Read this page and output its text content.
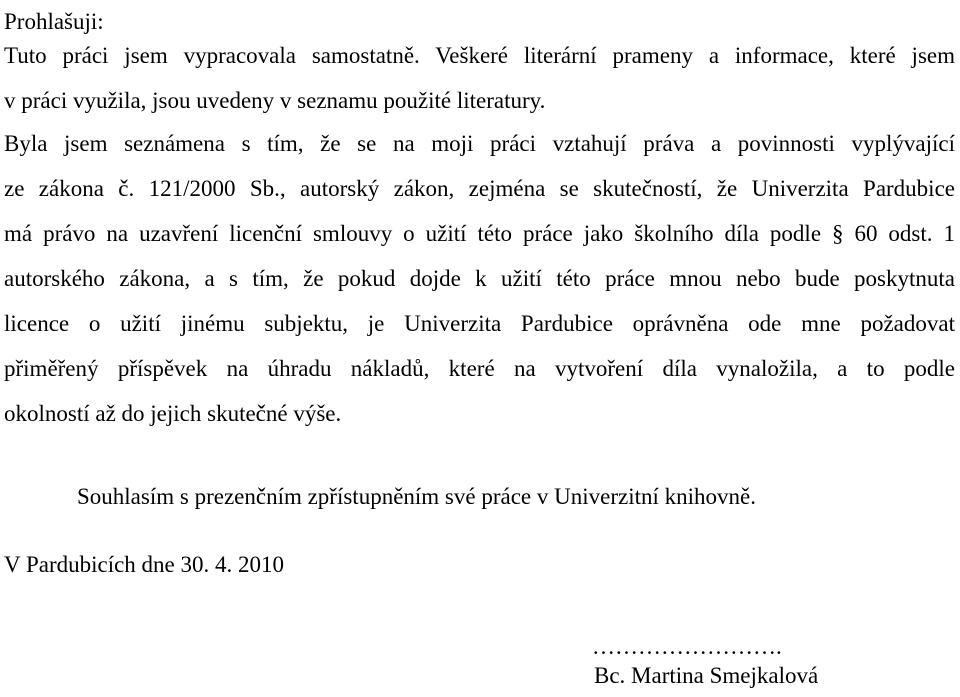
Prohlašuji:
Tuto práci jsem vypracovala samostatně. Veškeré literární prameny a informace, které jsem
v práci využila, jsou uvedeny v seznamu použité literatury.
Byla jsem seznámena s tím, že se na moji práci vztahují práva a povinnosti vyplývající
ze zákona č. 121/2000 Sb., autorský zákon, zejména se skutečností, že Univerzita Pardubice
má právo na uzavření licenční smlouvy o užití této práce jako školního díla podle § 60 odst. 1
autorského zákona, a s tím, že pokud dojde k užití této práce mnou nebo bude poskytnuta
licence o užití jinému subjektu, je Univerzita Pardubice oprávněna ode mne požadovat
přiměřený příspěvek na úhradu nákladů, které na vytvoření díla vynaložila, a to podle
okolností až do jejich skutečné výše.
Souhlasím s prezenčním zpřístupněním své práce v Univerzitní knihovně.
V Pardubicích dne 30. 4. 2010
…………………….
Bc. Martina Smejkalová
